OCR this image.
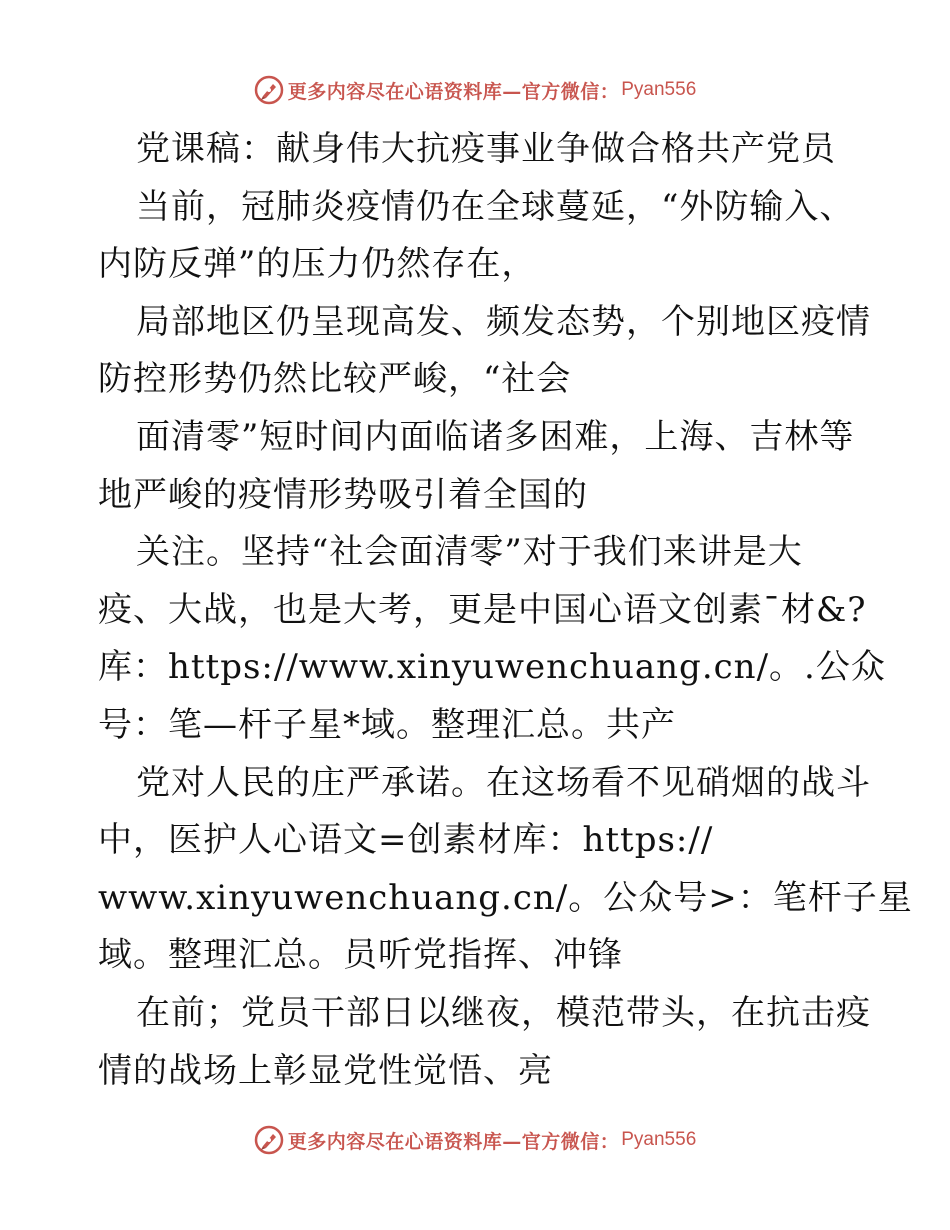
更多内容尽在心语资料库—官方微信： Pyan556
党课稿：献身伟大抗疫事业争做合格共产党员
当前，冠肺炎疫情仍在全球蔓延，“外防输入、
内防反弹”的压力仍然存在，
局部地区仍呈现高发、频发态势，个别地区疫情
防控形势仍然比较严峻，“社会
面清零”短时间内面临诸多困难，上海、吉林等
地严峻的疫情形势吸引着全国的
关注。坚持“社会面清零”对于我们来讲是大
疫、大战，也是大考，更是中国心语文创素¯材&?
库：https://www.xinyuwenchuang.cn/。.公众
号：笔—杆子星*域。整理汇总。共产
党对人民的庄严承诺。在这场看不见硝烟的战斗
中，医护人心语文=创素材库：https://
www.xinyuwenchuang.cn/。公众号>：笔杆子星
域。整理汇总。员听党指挥、冲锋
在前；党员干部日以继夜，模范带头，在抗击疫
情的战场上彰显党性觉悟、亮
更多内容尽在心语资料库—官方微信： Pyan556
